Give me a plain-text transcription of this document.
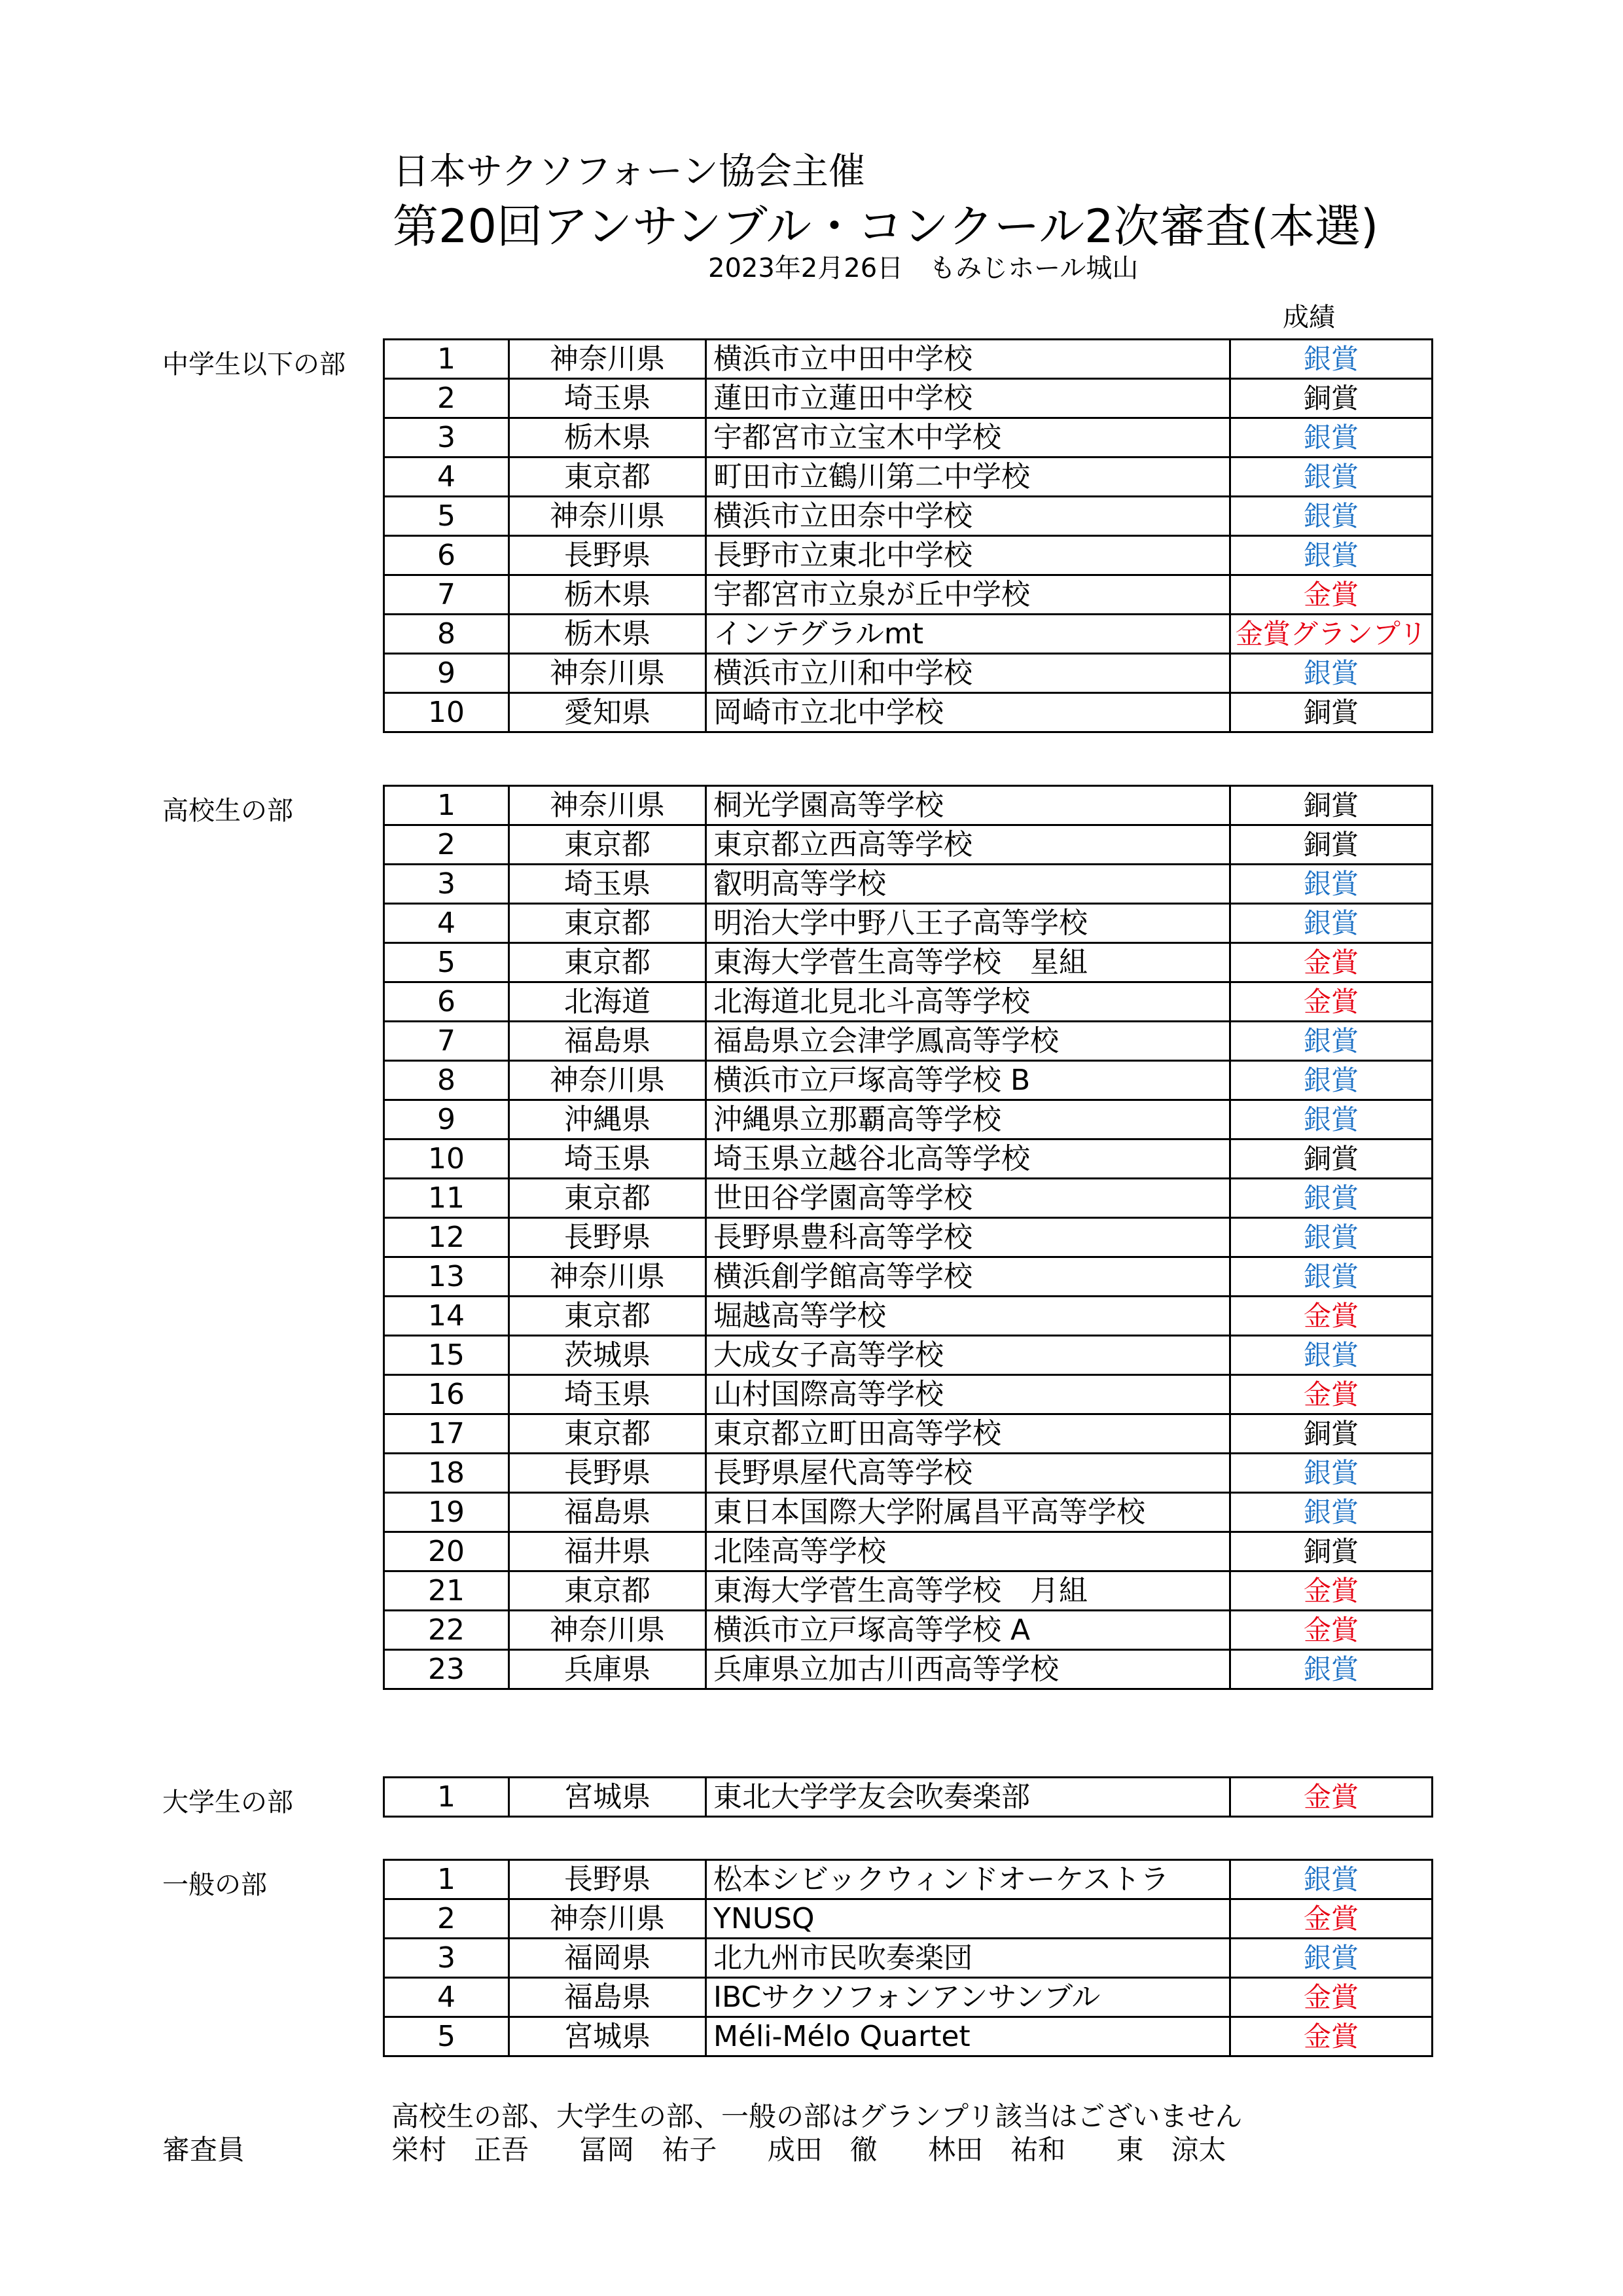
日本サクソフォーン協会主催
第20回アンサンブル・コンクール2次審査(本選)
2023年2月26日　もみじホール城山
成績
中学生以下の部	1	神奈川県	横浜市立中田中学校	銀賞
2	埼玉県	蓮田市立蓮田中学校	銅賞
3	栃木県	宇都宮市立宝木中学校	銀賞
4	東京都	町田市立鶴川第二中学校	銀賞
5	神奈川県	横浜市立田奈中学校	銀賞
6	長野県	長野市立東北中学校	銀賞
7	栃木県	宇都宮市立泉が丘中学校	金賞
8	栃木県	インテグラルmt	金賞グランプリ
9	神奈川県	横浜市立川和中学校	銀賞
10	愛知県	岡崎市立北中学校	銅賞
高校生の部	1	神奈川県	桐光学園高等学校	銅賞
2	東京都	東京都立西高等学校	銅賞
3	埼玉県	叡明高等学校	銀賞
4	東京都	明治大学中野八王子高等学校	銀賞
5	東京都	東海大学菅生高等学校　星組	金賞
6	北海道	北海道北見北斗高等学校	金賞
7	福島県	福島県立会津学鳳高等学校	銀賞
8	神奈川県	横浜市立戸塚高等学校 B	銀賞
9	沖縄県	沖縄県立那覇高等学校	銀賞
10	埼玉県	埼玉県立越谷北高等学校	銅賞
11	東京都	世田谷学園高等学校	銀賞
12	長野県	長野県豊科高等学校	銀賞
13	神奈川県	横浜創学館高等学校	銀賞
14	東京都	堀越高等学校	金賞
15	茨城県	大成女子高等学校	銀賞
16	埼玉県	山村国際高等学校	金賞
17	東京都	東京都立町田高等学校	銅賞
18	長野県	長野県屋代高等学校	銀賞
19	福島県	東日本国際大学附属昌平高等学校	銀賞
20	福井県	北陸高等学校	銅賞
21	東京都	東海大学菅生高等学校　月組	金賞
22	神奈川県	横浜市立戸塚高等学校 A	金賞
23	兵庫県	兵庫県立加古川西高等学校	銀賞
大学生の部	1	宮城県	東北大学学友会吹奏楽部	金賞
一般の部	1	長野県	松本シビックウィンドオーケストラ	銀賞
2	神奈川県	YNUSQ	金賞
3	福岡県	北九州市民吹奏楽団	銀賞
4	福島県	IBCサクソフォンアンサンブル	金賞
5	宮城県	Méli-Mélo Quartet	金賞
高校生の部、大学生の部、一般の部はグランプリ該当はございません
審査員	栄村　正吾 冨岡　祐子 成田　徹 林田　祐和 東　涼太
